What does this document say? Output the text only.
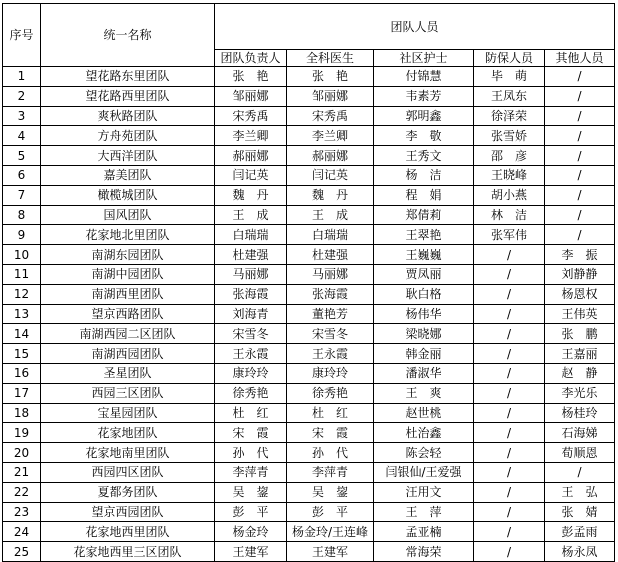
序号	统一名称	团队人员				
		团队负责人	全科医生	社区护士	防保人员	其他人员
1	望花路东里团队	张　艳	张　艳	付锦慧	毕　萌	/
2	望花路西里团队	邹丽娜	邹丽娜	韦素芳	王凤东	/
3	爽秋路团队	宋秀禹	宋秀禹	郭明鑫	徐泽荣	/
4	方舟苑团队	李兰卿	李兰卿	李　敬	张雪娇	/
5	大西洋团队	郝丽娜	郝丽娜	王秀文	邵　彦	/
6	嘉美团队	闫记英	闫记英	杨　洁	王晓峰	/
7	橄榄城团队	魏　丹	魏　丹	程　娟	胡小燕	/
8	国风团队	王　成	王　成	郑倩莉	林　洁	/
9	花家地北里团队	白瑞瑞	白瑞瑞	王翠艳	张军伟	/
10	南湖东园团队	杜建强	杜建强	王巍巍	/	李　振
11	南湖中园团队	马丽娜	马丽娜	贾凤丽	/	刘静静
12	南湖西里团队	张海霞	张海霞	耿白格	/	杨恩权
13	望京西路团队	刘海青	董艳芳	杨伟华	/	王伟英
14	南湖西园二区团队	宋雪冬	宋雪冬	梁晓娜	/	张　鹏
15	南湖西园团队	王永霞	王永霞	韩金丽	/	王嘉丽
16	圣星团队	康玲玲	康玲玲	潘淑华	/	赵　静
17	西园三区团队	徐秀艳	徐秀艳	王　爽	/	李光乐
18	宝星园团队	杜　红	杜　红	赵世桃	/	杨桂玲
19	花家地团队	宋　霞	宋　霞	杜治鑫	/	石海娣
20	花家地南里团队	孙　代	孙　代	陈会轻	/	荀顺恩
21	西园四区团队	李萍青	李萍青	闫银仙/王爱强	/	/
22	夏都务团队	吴　鋆	吴　鋆	汪用文	/	王　弘
23	望京西园团队	彭　平	彭　平	王　萍	/	张　婧
24	花家地西里团队	杨金玲	杨金玲/王连峰	孟亚楠	/	彭孟雨
25	花家地西里三区团队	王建军	王建军	常海荣	/	杨永凤
